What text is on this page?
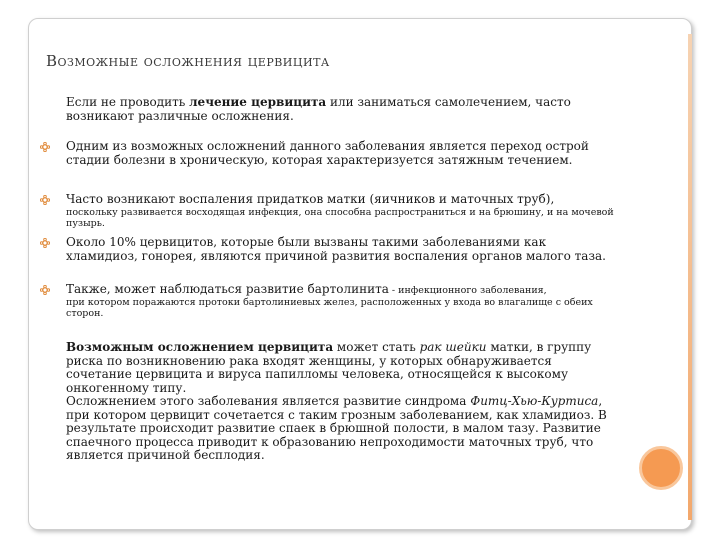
Возможные осложнения цервицита
Если не проводить лечение цервицита или заниматься самолечением, часто возникают различные осложнения.
Одним из возможных осложнений данного заболевания является переход острой стадии болезни в хроническую, которая характеризуется затяжным течением.
Часто возникают воспаления придатков матки (яичников и маточных труб),
поскольку развивается восходящая инфекция, она способна распространиться и на брюшину, и на мочевой пузырь.
Около 10% цервицитов, которые были вызваны такими заболеваниями как хламидиоз, гонорея, являются причиной развития воспаления органов малого таза.
Также, может наблюдаться развитие бартолинита - инфекционного заболевания,
при котором поражаются протоки бартолиниевых желез, расположенных у входа во влагалище с обеих сторон.
Возможным осложнением цервицита может стать рак шейки матки, в группу риска по возникновению рака входят женщины, у которых обнаруживается сочетание цервицита и вируса папилломы человека, относящейся к высокому онкогенному типу.
Осложнением этого заболевания является развитие синдрома Фитц-Хью-Куртиса, при котором цервицит сочетается с таким грозным заболеванием, как хламидиоз. В результате происходит развитие спаек в брюшной полости, в малом тазу. Развитие спаечного процесса приводит к образованию непроходимости маточных труб, что является причиной бесплодия.
